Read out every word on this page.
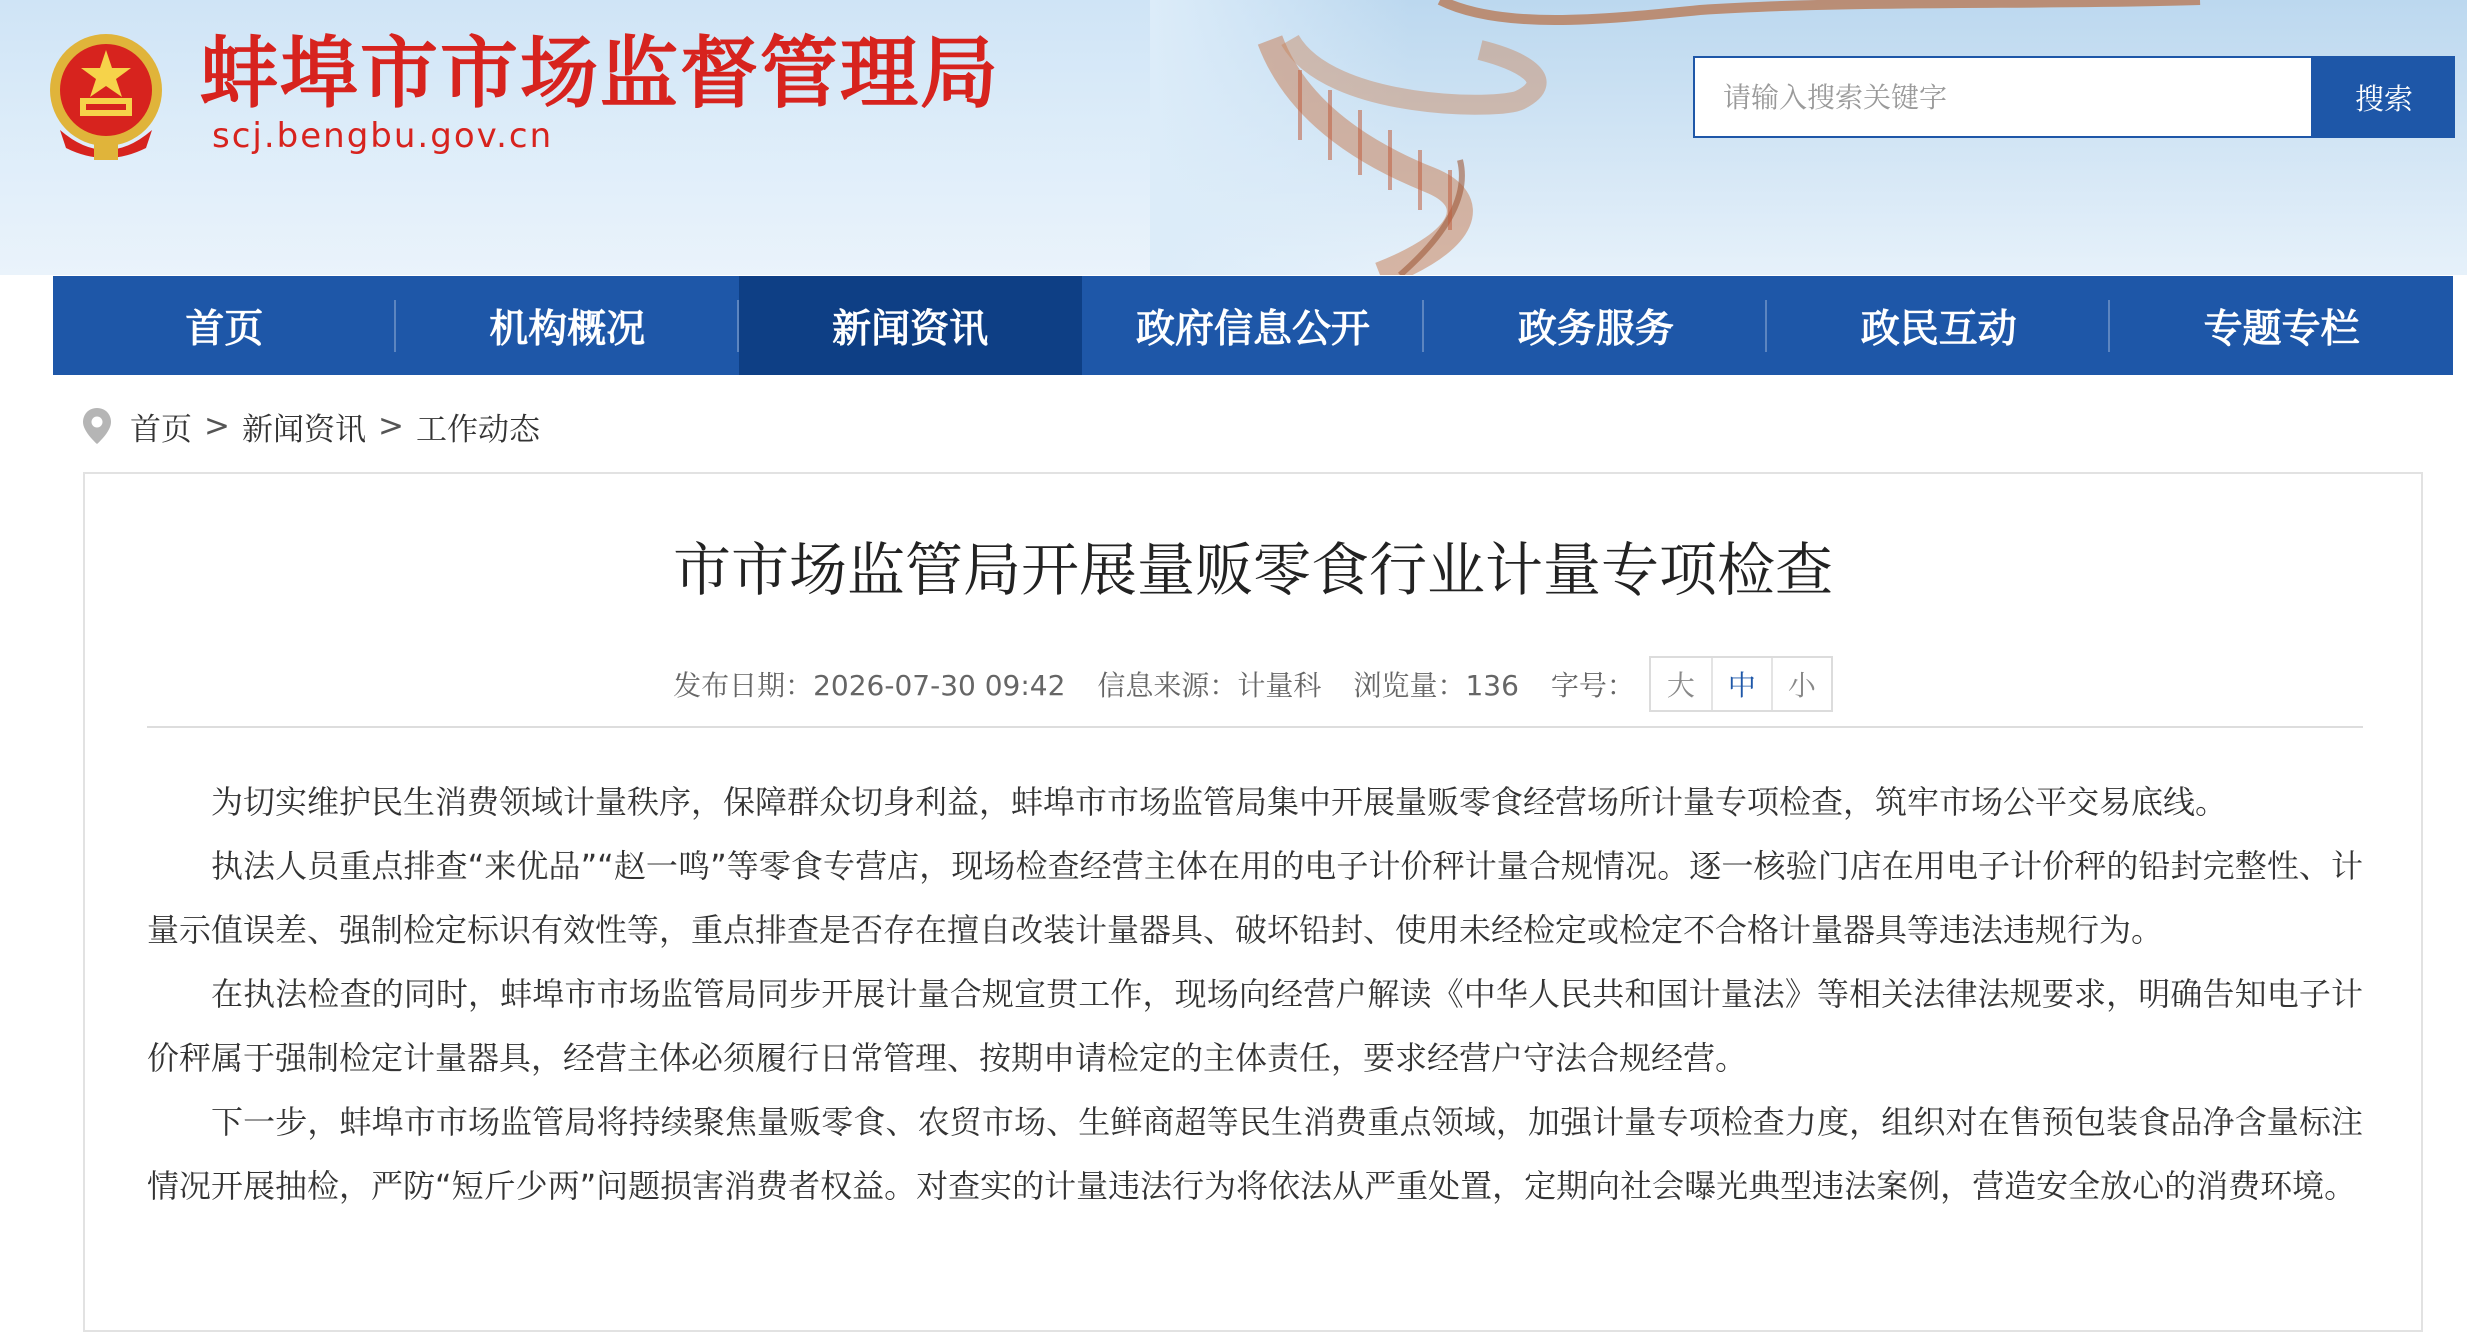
蚌埠市市场监督管理局

scj.bengbu.gov.cn

请输入搜索关键字
搜索
首页	机构概况	新闻资讯	政府信息公开	政务服务	政民互动	专题专栏
首页 > 新闻资讯 > 工作动态
市市场监管局开展量贩零食行业计量专项检查
发布日期：2026-07-30 09:42 信息来源：计量科 浏览量：136 字号：	大	中	小

为切实维护民生消费领域计量秩序，保障群众切身利益，蚌埠市市场监管局集中开展量贩零食经营场所计量专项检查，筑牢市场公平交易底线。

执法人员重点排查“来优品”“赵一鸣”等零食专营店，现场检查经营主体在用的电子计价秤计量合规情况。逐一核验门店在用电子计价秤的铅封完整性、计量示值误差、强制检定标识有效性等，重点排查是否存在擅自改装计量器具、破坏铅封、使用未经检定或检定不合格计量器具等违法违规行为。

在执法检查的同时，蚌埠市市场监管局同步开展计量合规宣贯工作，现场向经营户解读《中华人民共和国计量法》等相关法律法规要求，明确告知电子计价秤属于强制检定计量器具，经营主体必须履行日常管理、按期申请检定的主体责任，要求经营户守法合规经营。

下一步，蚌埠市市场监管局将持续聚焦量贩零食、农贸市场、生鲜商超等民生消费重点领域，加强计量专项检查力度，组织对在售预包装食品净含量标注情况开展抽检，严防“短斤少两”问题损害消费者权益。对查实的计量违法行为将依法从严重处置，定期向社会曝光典型违法案例，营造安全放心的消费环境。
